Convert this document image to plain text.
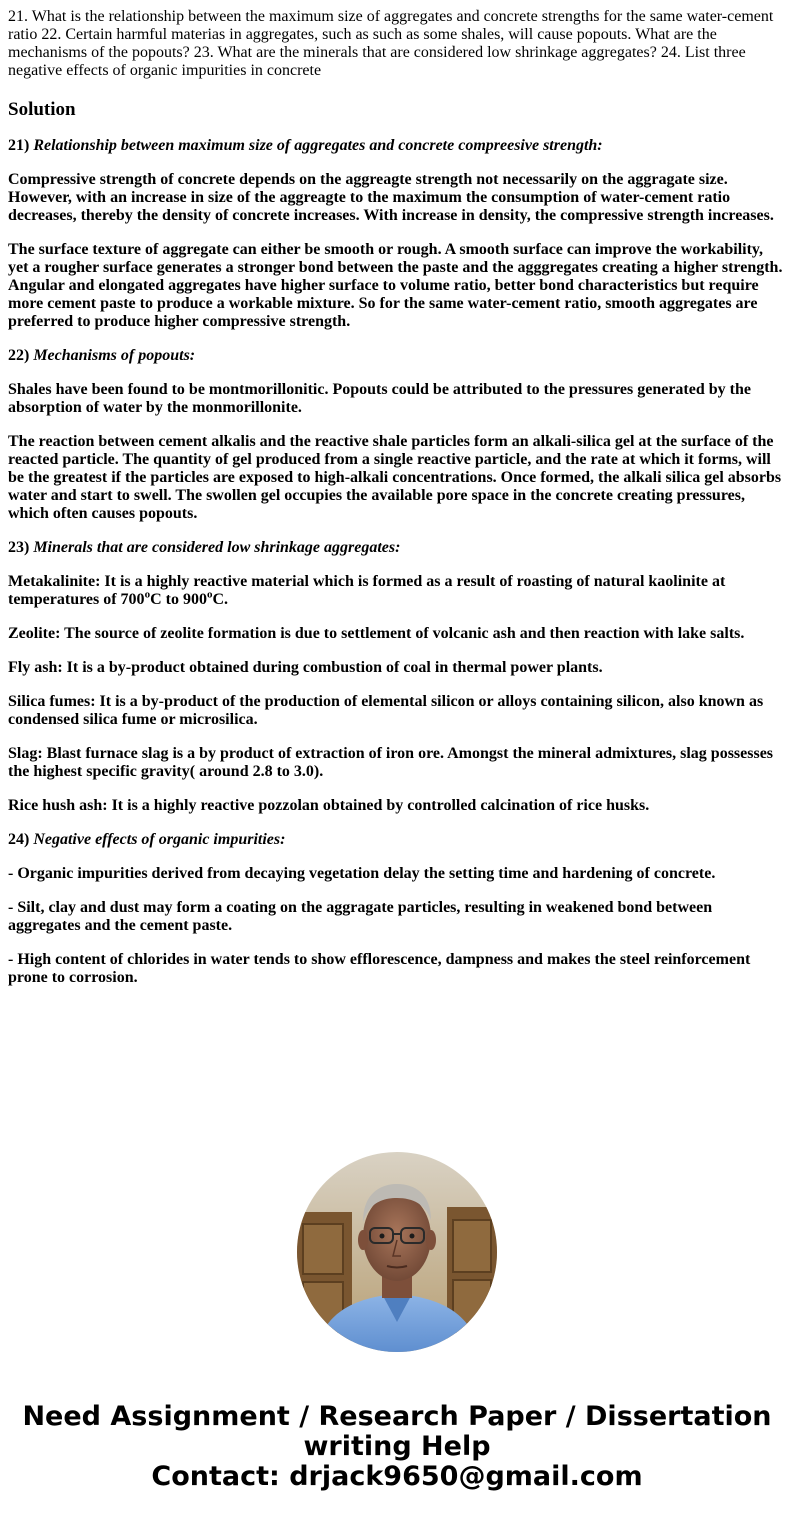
21. What is the relationship between the maximum size of aggregates and concrete strengths for the same water-cement ratio 22. Certain harmful materias in aggregates, such as such as some shales, will cause popouts. What are the mechanisms of the popouts? 23. What are the minerals that are considered low shrinkage aggregates? 24. List three negative effects of organic impurities in concrete

Solution

21) Relationship between maximum size of aggregates and concrete compreesive strength:

Compressive strength of concrete depends on the aggreagte strength not necessarily on the aggragate size. However, with an increase in size of the aggreagte to the maximum the consumption of water-cement ratio decreases, thereby the density of concrete increases. With increase in density, the compressive strength increases.

The surface texture of aggregate can either be smooth or rough. A smooth surface can improve the workability, yet a rougher surface generates a stronger bond between the paste and the agggregates creating a higher strength. Angular and elongated aggregates have higher surface to volume ratio, better bond characteristics but require more cement paste to produce a workable mixture. So for the same water-cement ratio, smooth aggregates are preferred to produce higher compressive strength.

22) Mechanisms of popouts:

Shales have been found to be montmorillonitic. Popouts could be attributed to the pressures generated by the absorption of water by the monmorillonite.

The reaction between cement alkalis and the reactive shale particles form an alkali-silica gel at the surface of the reacted particle. The quantity of gel produced from a single reactive particle, and the rate at which it forms, will be the greatest if the particles are exposed to high-alkali concentrations. Once formed, the alkali silica gel absorbs water and start to swell. The swollen gel occupies the available pore space in the concrete creating pressures, which often causes popouts.

23) Minerals that are considered low shrinkage aggregates:

Metakalinite: It is a highly reactive material which is formed as a result of roasting of natural kaolinite at temperatures of 700$^o$C to 900$^o$C.

Zeolite: The source of zeolite formation is due to settlement of volcanic ash and then reaction with lake salts.

Fly ash: It is a by-product obtained during combustion of coal in thermal power plants.

Silica fumes: It is a by-product of the production of elemental silicon or alloys containing silicon, also known as condensed silica fume or microsilica.

Slag: Blast furnace slag is a by product of extraction of iron ore. Amongst the mineral admixtures, slag possesses the highest specific gravity( around 2.8 to 3.0).

Rice hush ash: It is a highly reactive pozzolan obtained by controlled calcination of rice husks.

24) Negative effects of organic impurities:

- Organic impurities derived from decaying vegetation delay the setting time and hardening of concrete.

- Silt, clay and dust may form a coating on the aggragate particles, resulting in weakened bond between aggregates and the cement paste.

- High content of chlorides in water tends to show efflorescence, dampness and makes the steel reinforcement prone to corrosion.

Need Assignment / Research Paper / Dissertation
writing Help
Contact: drjack9650@gmail.com
